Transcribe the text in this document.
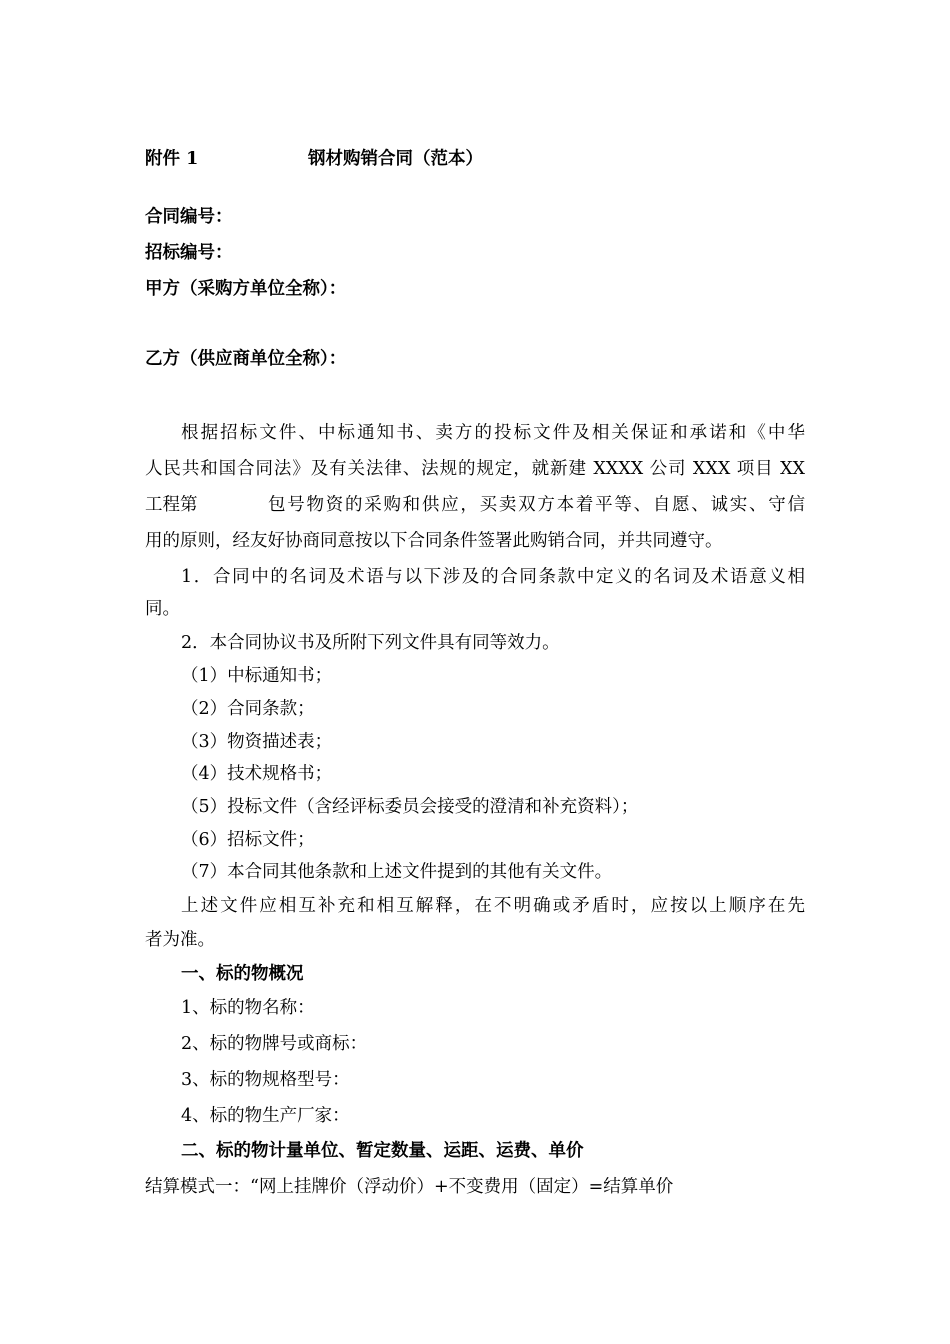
附件 1	钢材购销合同（范本）
合同编号：
招标编号：
甲方（采购方单位全称）：
乙方（供应商单位全称）：
根据招标文件、中标通知书、卖方的投标文件及相关保证和承诺和《中华
人民共和国合同法》及有关法律、法规的规定，就新建 XXXX 公司 XXX 项目 XX
工程第	包号物资的采购和供应，买卖双方本着平等、自愿、诚实、守信
用的原则，经友好协商同意按以下合同条件签署此购销合同，并共同遵守。
1．合同中的名词及术语与以下涉及的合同条款中定义的名词及术语意义相
同。
2．本合同协议书及所附下列文件具有同等效力。
（1）中标通知书；
（2）合同条款；
（3）物资描述表；
（4）技术规格书；
（5）投标文件（含经评标委员会接受的澄清和补充资料）；
（6）招标文件；
（7）本合同其他条款和上述文件提到的其他有关文件。
上述文件应相互补充和相互解释，在不明确或矛盾时，应按以上顺序在先
者为准。
一、标的物概况
1、标的物名称：
2、标的物牌号或商标：
3、标的物规格型号：
4、标的物生产厂家：
二、标的物计量单位、暂定数量、运距、运费、单价
结算模式一：“网上挂牌价（浮动价）+不变费用（固定）=结算单价
